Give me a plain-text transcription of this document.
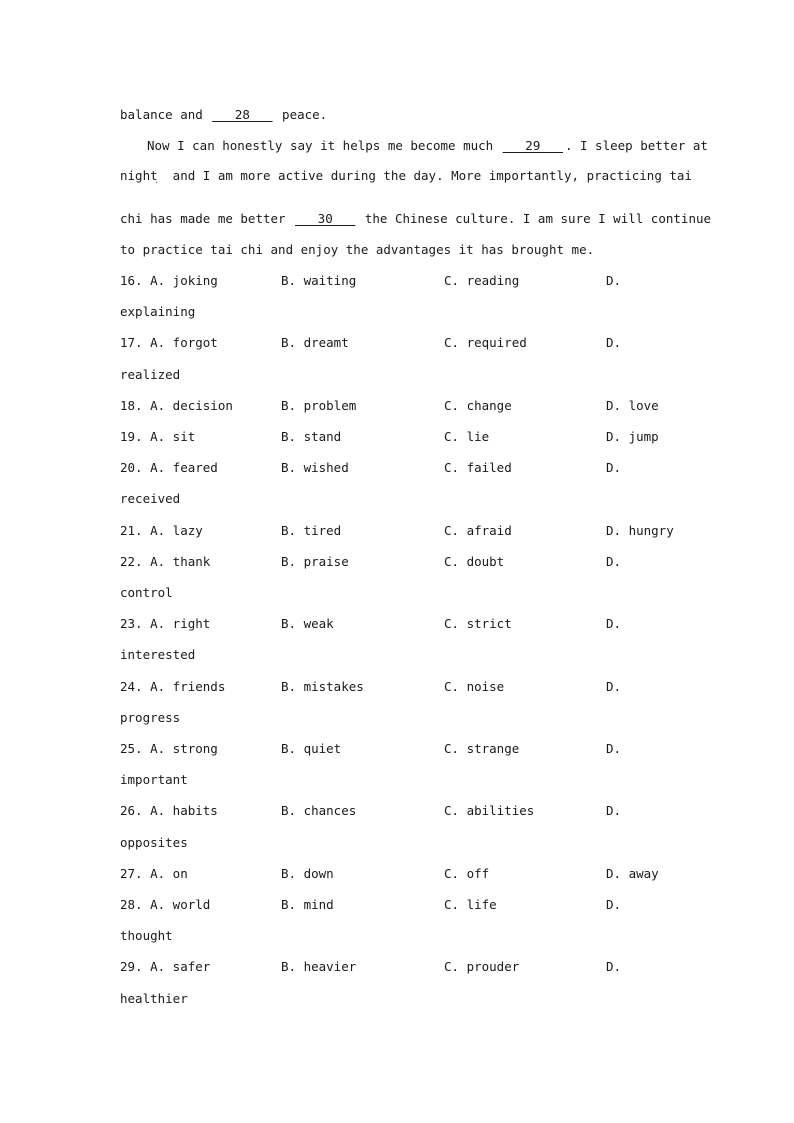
balance and ___28___ peace.
Now I can honestly say it helps me become much ___29___ . I sleep better at
night  and I am more active during the day. More importantly, practicing tai
ﾞ
chi has made me better ___30___ the Chinese culture. I am sure I will continue
to practice tai chi and enjoy the advantages it has brought me.
16. A. joking	B. waiting	C. reading	D.
explaining
17. A. forgot	B. dreamt	C. required	D.
realized
18. A. decision	B. problem	C. change	D. love
19. A. sit	B. stand	C. lie	D. jump
20. A. feared	B. wished	C. failed	D.
received
21. A. lazy	B. tired	C. afraid	D. hungry
22. A. thank	B. praise	C. doubt	D.
control
23. A. right	B. weak	C. strict	D.
interested
24. A. friends	B. mistakes	C. noise	D.
progress
25. A. strong	B. quiet	C. strange	D.
important
26. A. habits	B. chances	C. abilities	D.
opposites
27. A. on	B. down	C. off	D. away
28. A. world	B. mind	C. life	D.
thought
29. A. safer	B. heavier	C. prouder	D.
healthier
